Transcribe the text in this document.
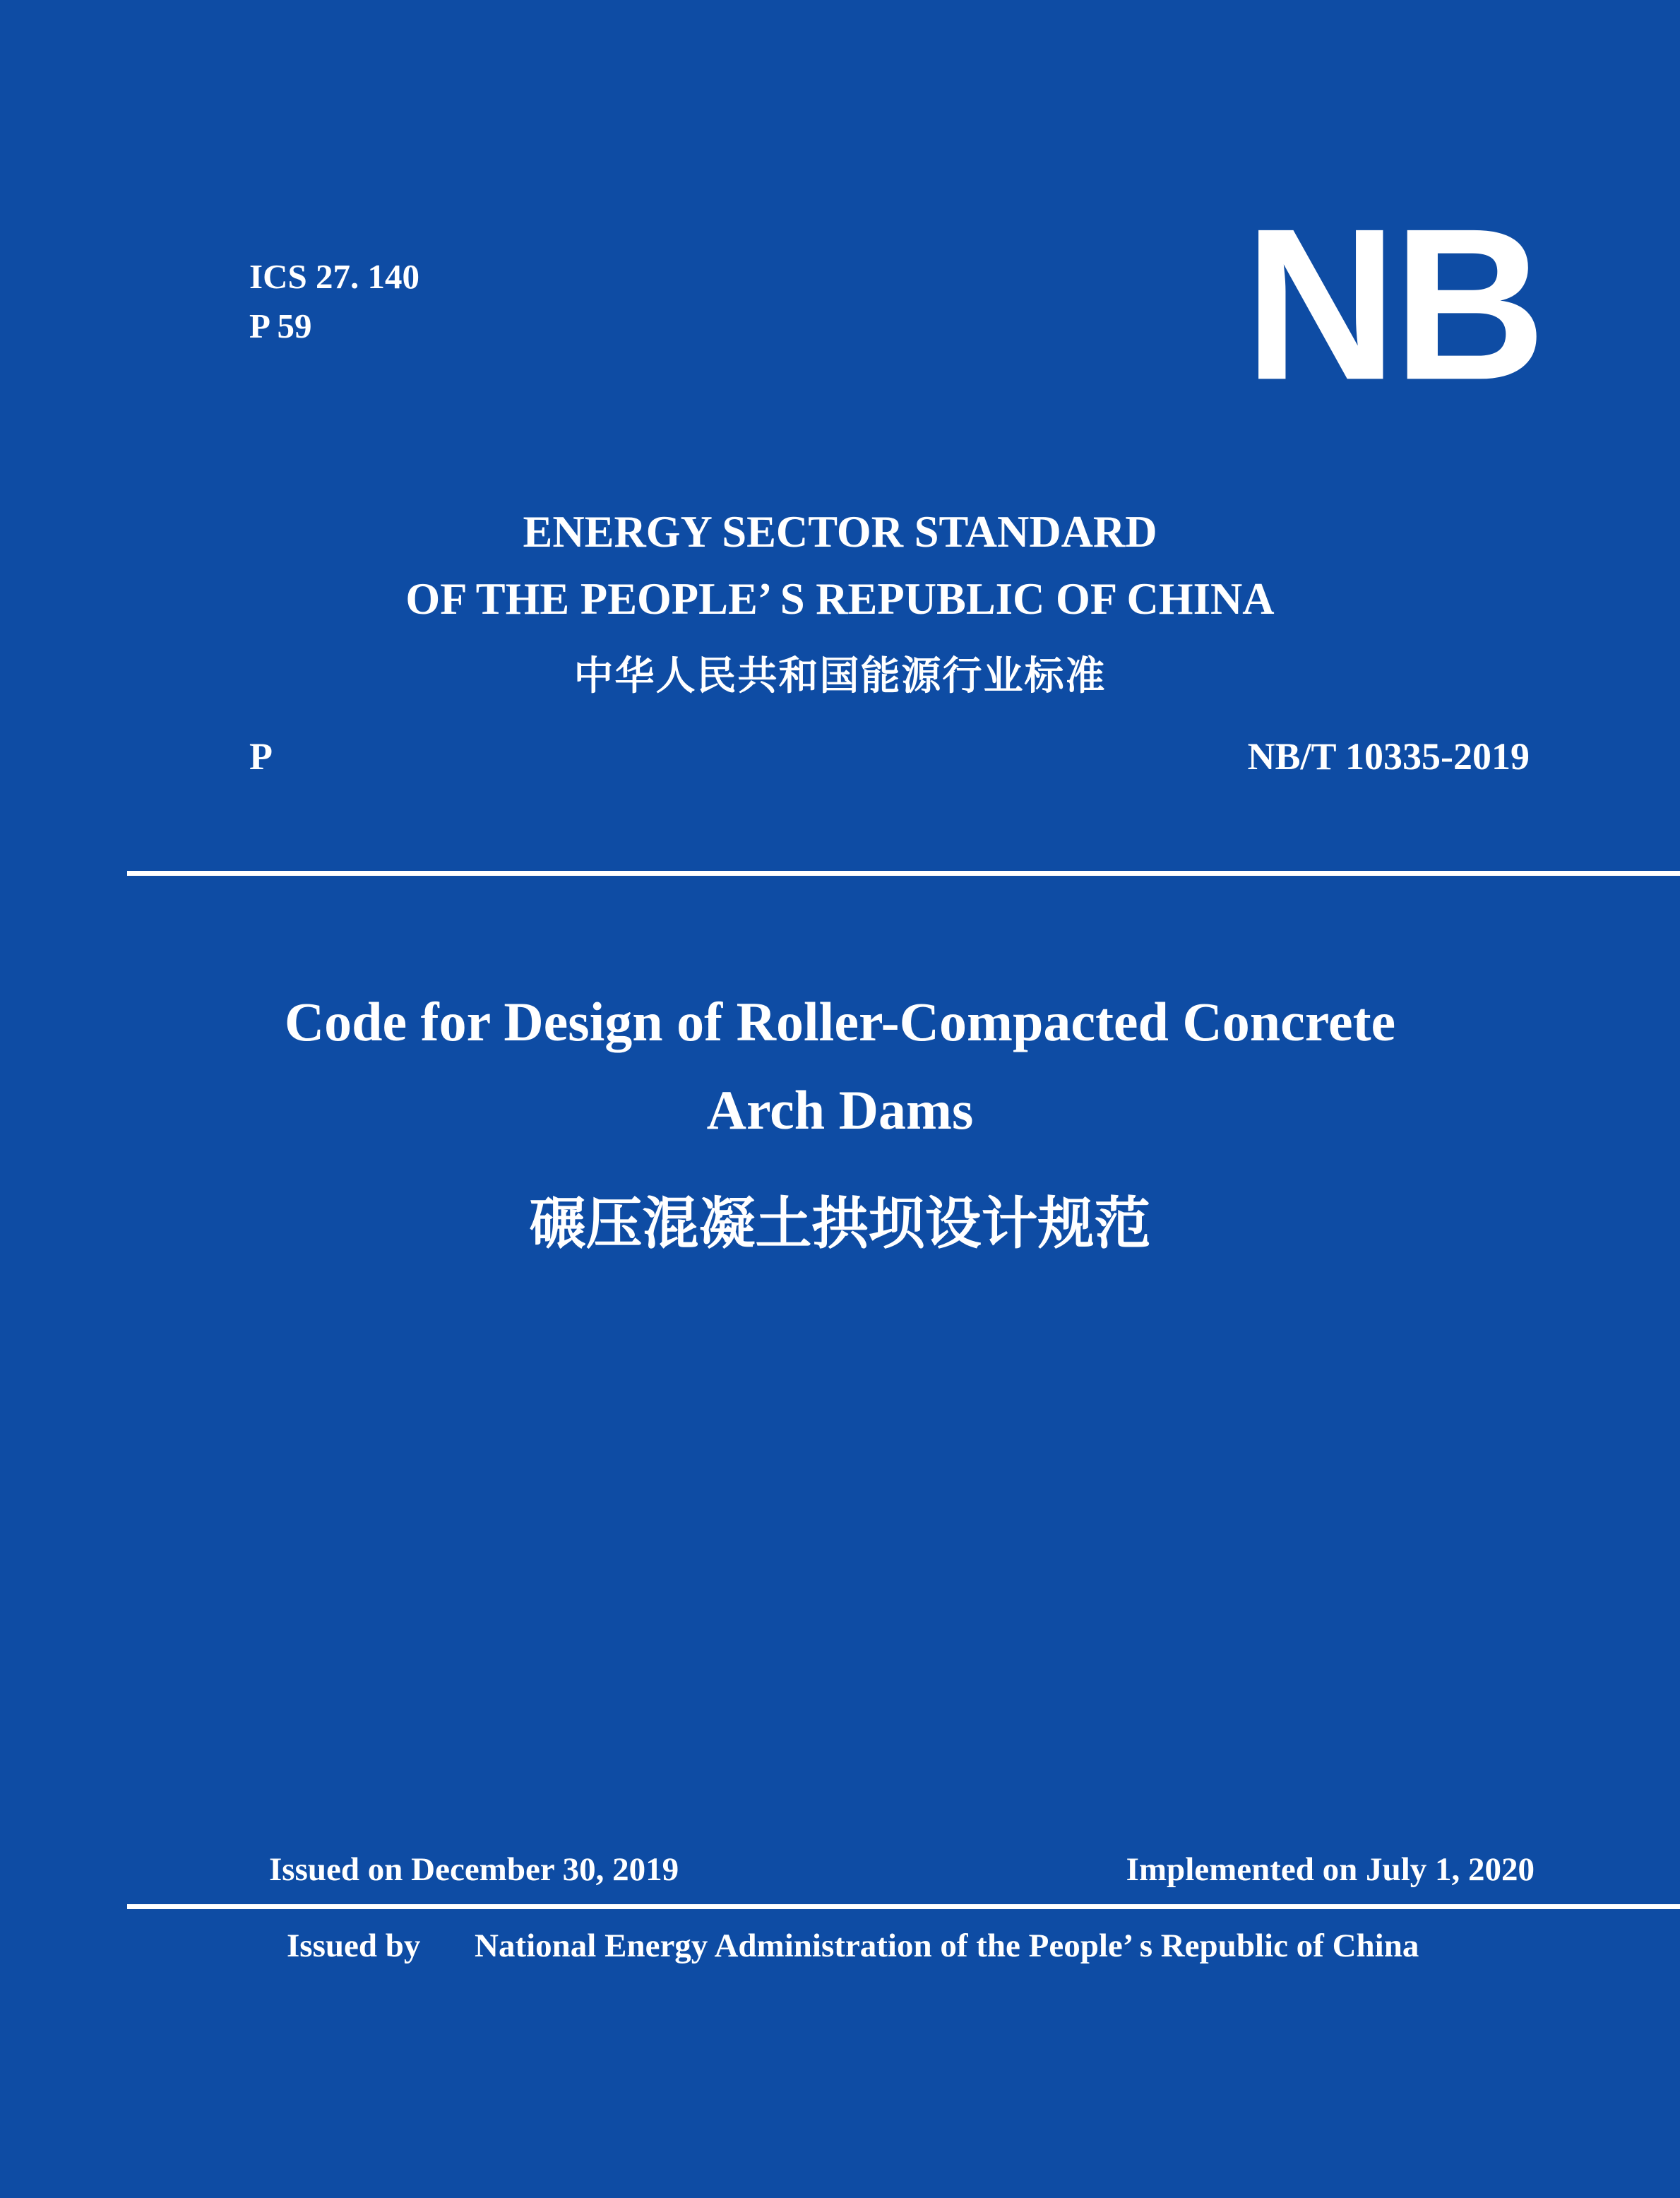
ICS 27. 140
P 59	NB
ENERGY SECTOR STANDARD
OF THE PEOPLE’ S REPUBLIC OF CHINA
中华人民共和国能源行业标准
P	NB/T 10335-2019
Code for Design of Roller-Compacted Concrete
Arch Dams
碾压混凝土拱坝设计规范
Issued on December 30, 2019	Implemented on July 1, 2020
Issued by National Energy Administration of the People’ s Republic of China
